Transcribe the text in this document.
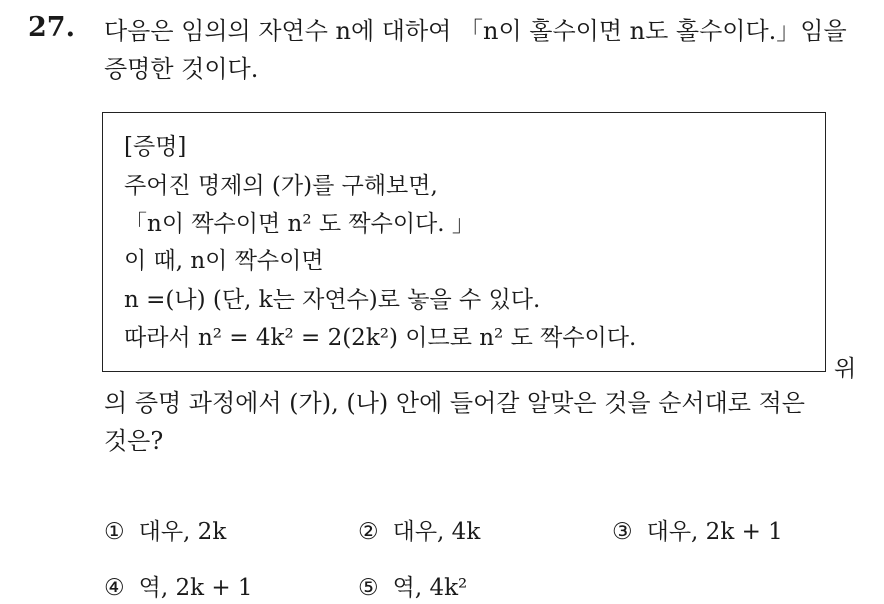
27. 다음은 임의의 자연수 n에 대하여 「n이 홀수이면 n도 홀수이다.」임을
증명한 것이다.
[증명]
주어진 명제의 (가)를 구해보면,
「n이 짝수이면 n² 도 짝수이다. 」
이 때, n이 짝수이면
n =(나) (단, k는 자연수)로 놓을 수 있다.
따라서 n² = 4k² = 2(2k²) 이므로 n² 도 짝수이다.
위
의 증명 과정에서 (가), (나) 안에 들어갈 알맞은 것을 순서대로 적은
것은?
① 대우, 2k	② 대우, 4k	③ 대우, 2k + 1
④ 역, 2k + 1	⑤ 역, 4k²
